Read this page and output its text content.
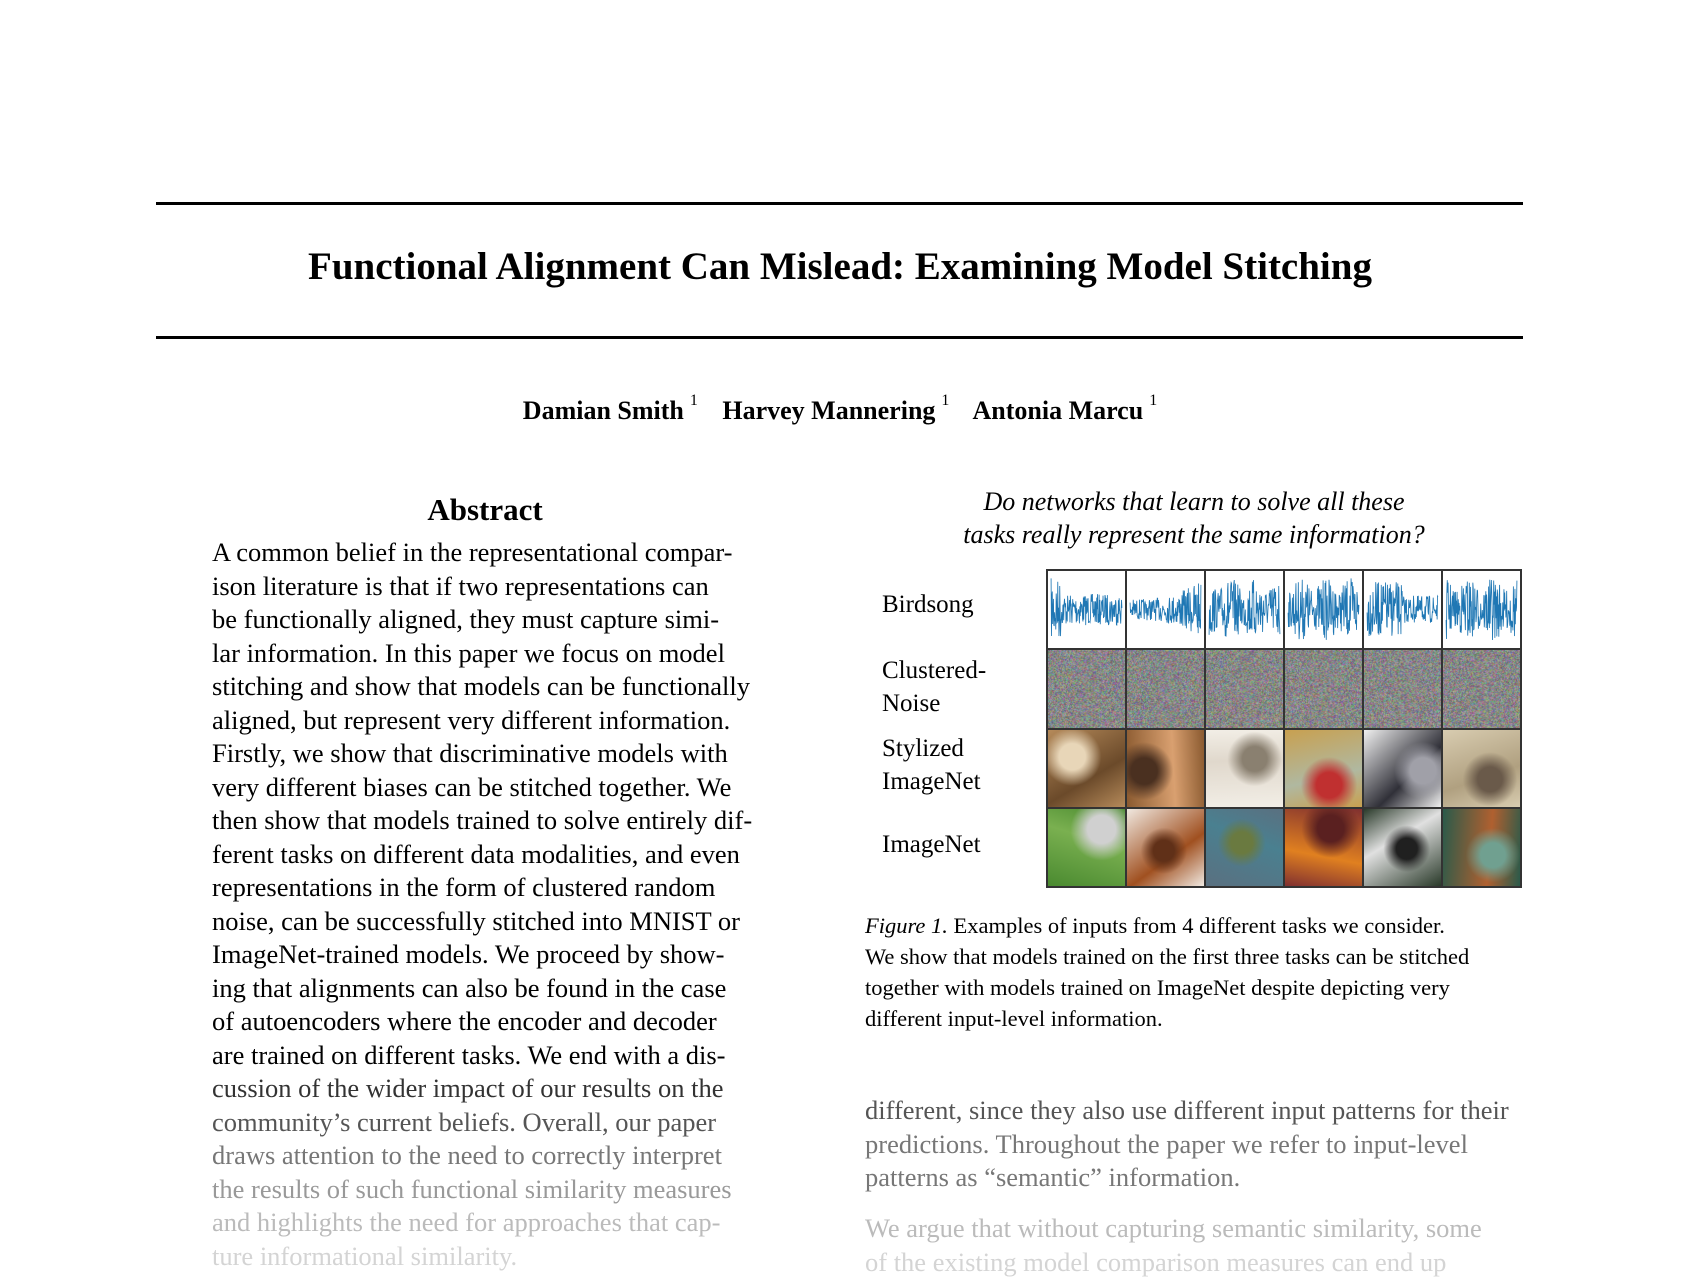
Functional Alignment Can Mislead: Examining Model Stitching
Damian Smith $^1$ Harvey Mannering $^1$ Antonia Marcu $^1$
Abstract
A common belief in the representational compar-
ison literature is that if two representations can
be functionally aligned, they must capture simi-
lar information. In this paper we focus on model
stitching and show that models can be functionally
aligned, but represent very different information.
Firstly, we show that discriminative models with
very different biases can be stitched together. We
then show that models trained to solve entirely dif-
ferent tasks on different data modalities, and even
representations in the form of clustered random
noise, can be successfully stitched into MNIST or
ImageNet-trained models. We proceed by show-
ing that alignments can also be found in the case
of autoencoders where the encoder and decoder
are trained on different tasks. We end with a dis-
cussion of the wider impact of our results on the
community’s current beliefs. Overall, our paper
draws attention to the need to correctly interpret
the results of such functional similarity measures
and highlights the need for approaches that cap-
ture informational similarity.
Do networks that learn to solve all these
tasks really represent the same information?
Birdsong
Clustered-
Noise
Stylized
ImageNet
ImageNet
Figure 1. Examples of inputs from 4 different tasks we consider.
We show that models trained on the first three tasks can be stitched
together with models trained on ImageNet despite depicting very
different input-level information.
different, since they also use different input patterns for their
predictions. Throughout the paper we refer to input-level
patterns as “semantic” information.
We argue that without capturing semantic similarity, some
of the existing model comparison measures can end up
